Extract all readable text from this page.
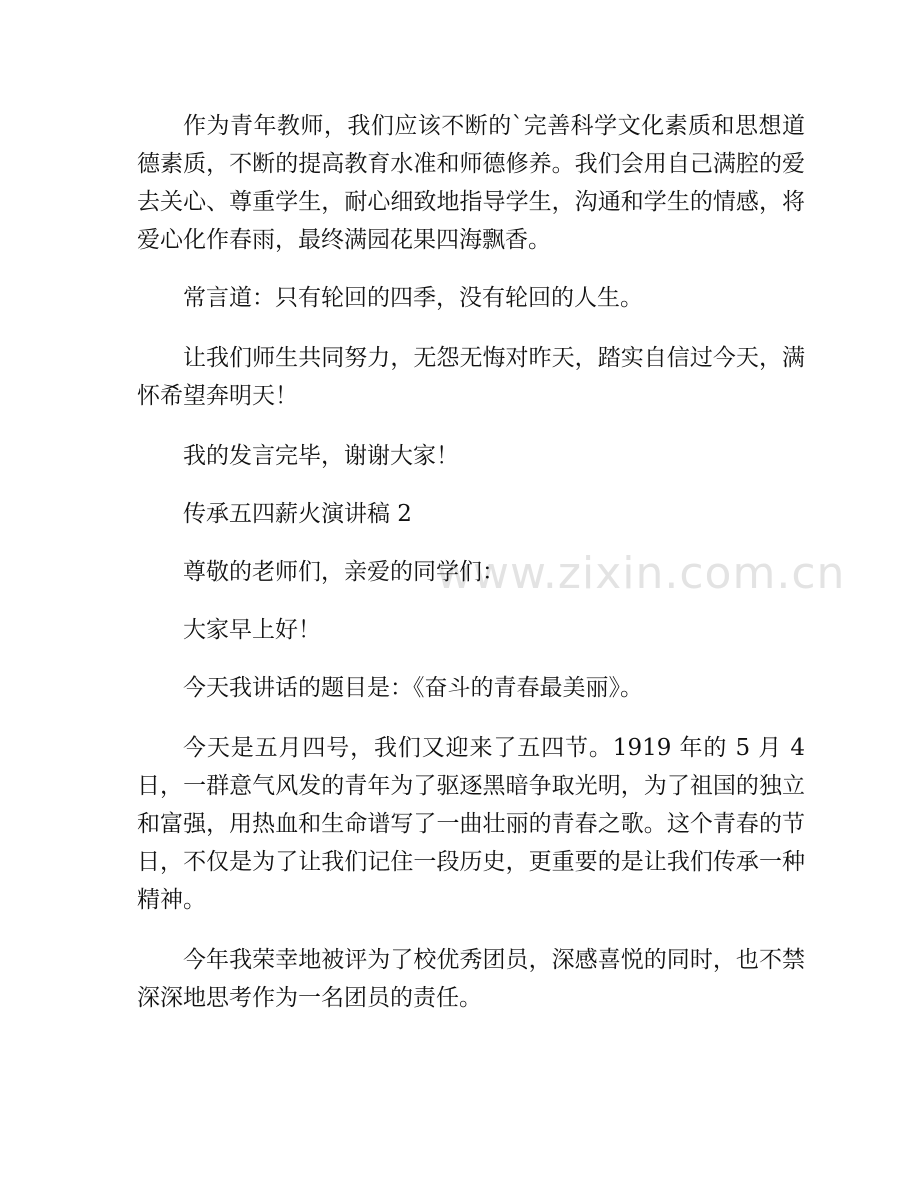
www.zixin.com.cn

作为青年教师，我们应该不断的`完善科学文化素质和思想道德素质，不断的提高教育水准和师德修养。我们会用自己满腔的爱去关心、尊重学生，耐心细致地指导学生，沟通和学生的情感，将爱心化作春雨，最终满园花果四海飘香。

常言道：只有轮回的四季，没有轮回的人生。

让我们师生共同努力，无怨无悔对昨天，踏实自信过今天，满怀希望奔明天！

我的发言完毕，谢谢大家！

传承五四薪火演讲稿 2

尊敬的老师们，亲爱的同学们：

大家早上好！

今天我讲话的题目是：《奋斗的青春最美丽》。

今天是五月四号，我们又迎来了五四节。1919 年的 5 月 4 日，一群意气风发的青年为了驱逐黑暗争取光明，为了祖国的独立和富强，用热血和生命谱写了一曲壮丽的青春之歌。这个青春的节日，不仅是为了让我们记住一段历史，更重要的是让我们传承一种精神。

今年我荣幸地被评为了校优秀团员，深感喜悦的同时，也不禁深深地思考作为一名团员的责任。
